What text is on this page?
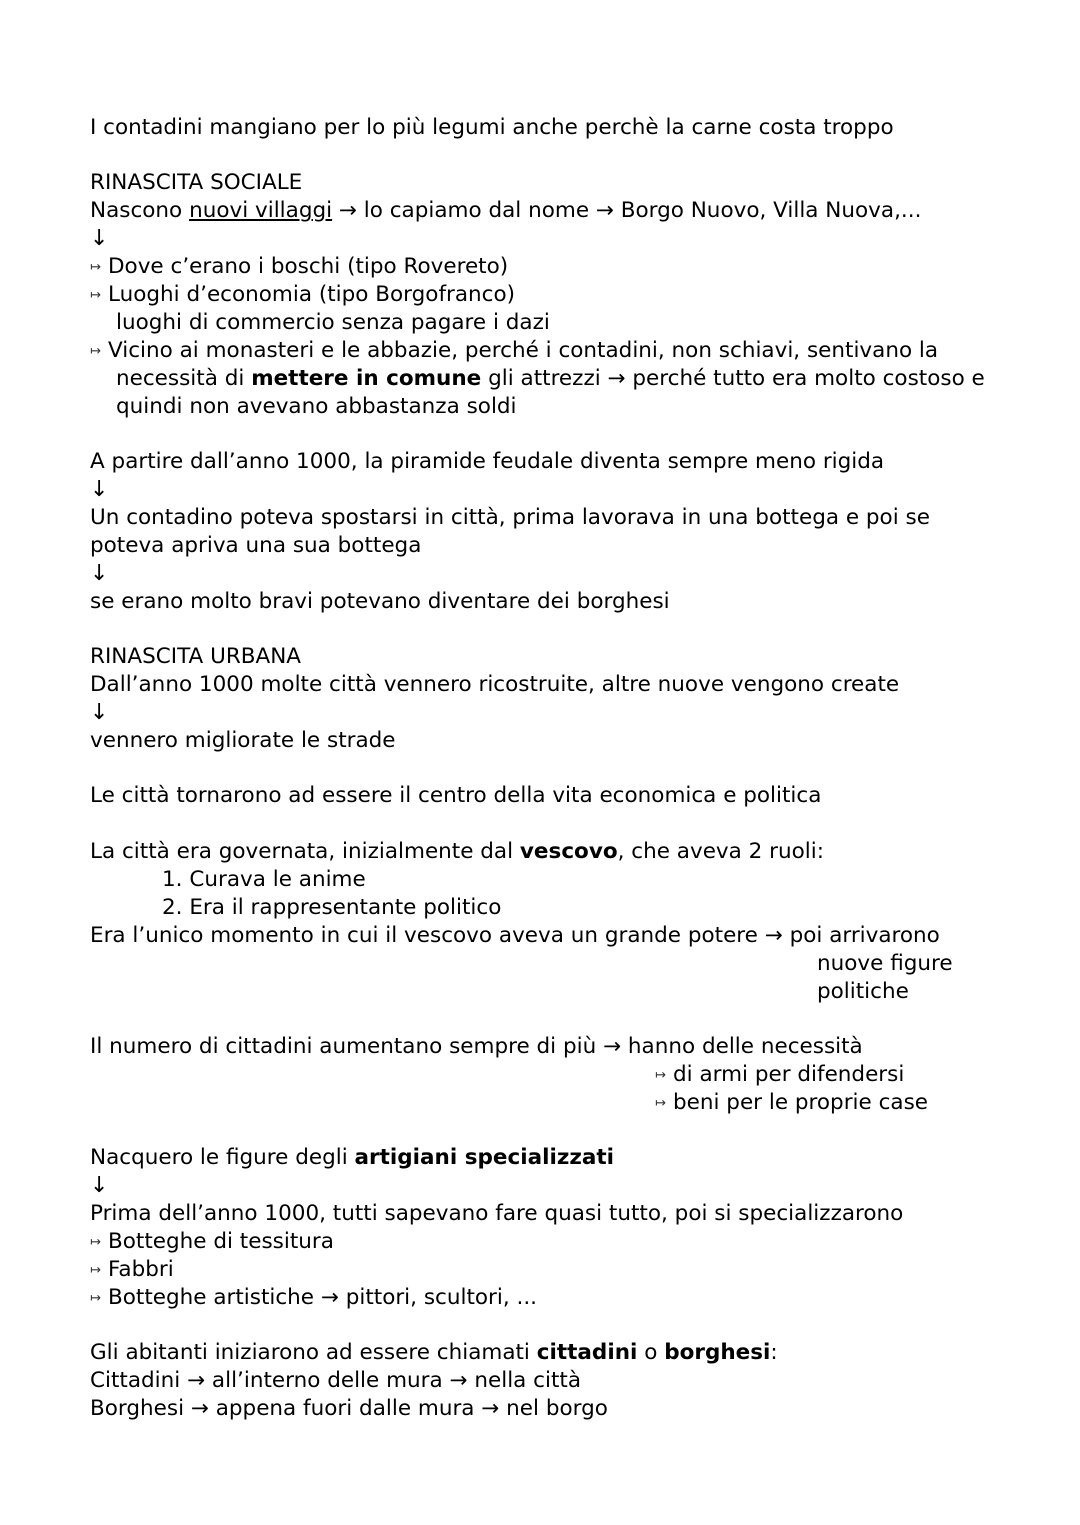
I contadini mangiano per lo più legumi anche perchè la carne costa troppo
RINASCITA SOCIALE
Nascono nuovi villaggi → lo capiamo dal nome → Borgo Nuovo, Villa Nuova,...
↓
↦ Dove c’erano i boschi (tipo Rovereto)
↦ Luoghi d’economia (tipo Borgofranco)
luoghi di commercio senza pagare i dazi
↦ Vicino ai monasteri e le abbazie, perché i contadini, non schiavi, sentivano la
necessità di mettere in comune gli attrezzi → perché tutto era molto costoso e
quindi non avevano abbastanza soldi
A partire dall’anno 1000, la piramide feudale diventa sempre meno rigida
↓
Un contadino poteva spostarsi in città, prima lavorava in una bottega e poi se
poteva apriva una sua bottega
↓
se erano molto bravi potevano diventare dei borghesi
RINASCITA URBANA
Dall’anno 1000 molte città vennero ricostruite, altre nuove vengono create
↓
vennero migliorate le strade
Le città tornarono ad essere il centro della vita economica e politica
La città era governata, inizialmente dal vescovo, che aveva 2 ruoli:
1. Curava le anime
2. Era il rappresentante politico
Era l’unico momento in cui il vescovo aveva un grande potere → poi arrivarono
nuove figure
politiche
Il numero di cittadini aumentano sempre di più → hanno delle necessità
↦ di armi per difendersi
↦ beni per le proprie case
Nacquero le figure degli artigiani specializzati
↓
Prima dell’anno 1000, tutti sapevano fare quasi tutto, poi si specializzarono
↦ Botteghe di tessitura
↦ Fabbri
↦ Botteghe artistiche → pittori, scultori, ...
Gli abitanti iniziarono ad essere chiamati cittadini o borghesi:
Cittadini → all’interno delle mura → nella città
Borghesi → appena fuori dalle mura → nel borgo
